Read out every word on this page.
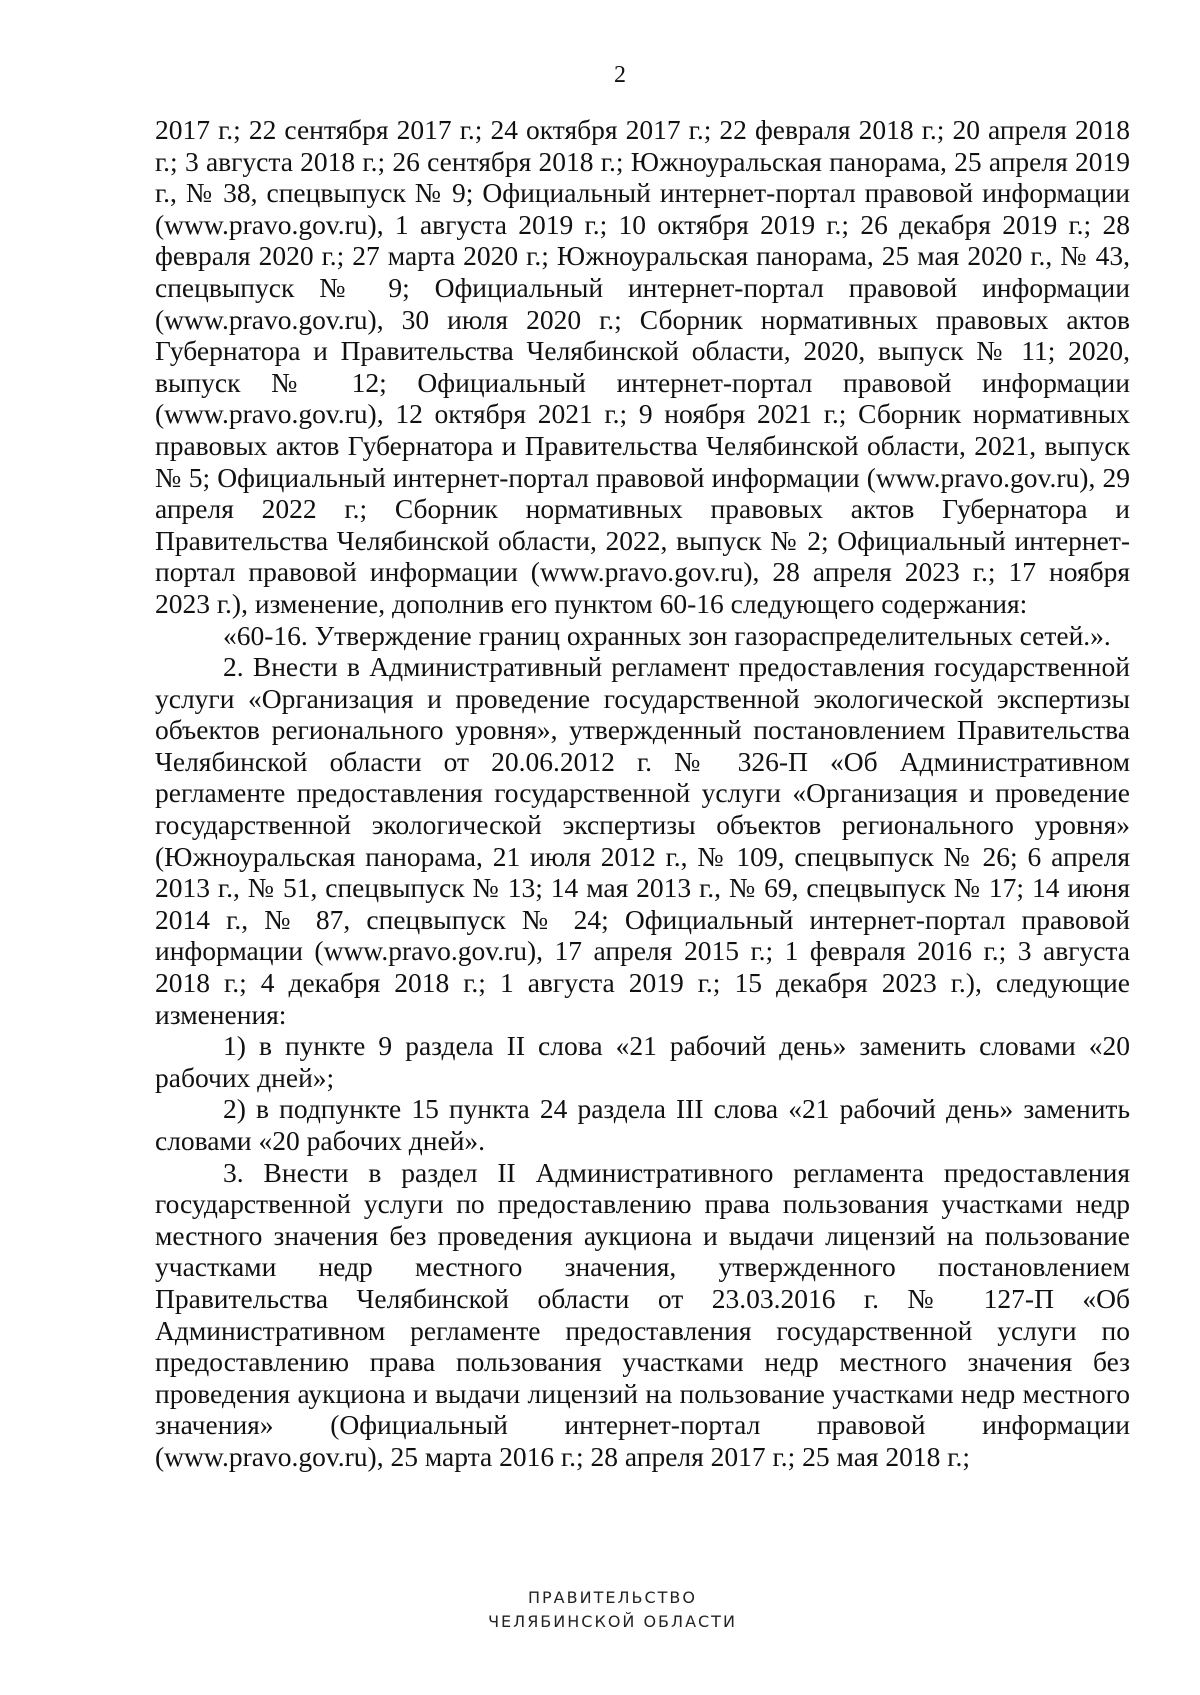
2

2017 г.; 22 сентября 2017 г.; 24 октября 2017 г.; 22 февраля 2018 г.; 20 апреля 2018 г.; 3 августа 2018 г.; 26 сентября 2018 г.; Южноуральская панорама, 25 апреля 2019 г., № 38, спецвыпуск № 9; Официальный интернет-портал правовой информации (www.pravo.gov.ru), 1 августа 2019 г.; 10 октября 2019 г.; 26 декабря 2019 г.; 28 февраля 2020 г.; 27 марта 2020 г.; Южноуральская панорама, 25 мая 2020 г., № 43, спецвыпуск № 9; Официальный интернет-портал правовой информации (www.pravo.gov.ru), 30 июля 2020 г.; Сборник нормативных правовых актов Губернатора и Правительства Челябинской области, 2020, выпуск № 11; 2020, выпуск № 12; Официальный интернет-портал правовой информации (www.pravo.gov.ru), 12 октября 2021 г.; 9 ноября 2021 г.; Сборник нормативных правовых актов Губернатора и Правительства Челябинской области, 2021, выпуск № 5; Официальный интернет-портал правовой информации (www.pravo.gov.ru), 29 апреля 2022 г.; Сборник нормативных правовых актов Губернатора и Правительства Челябинской области, 2022, выпуск № 2; Официальный интернет-портал правовой информации (www.pravo.gov.ru), 28 апреля 2023 г.; 17 ноября 2023 г.), изменение, дополнив его пунктом 60-16 следующего содержания:

«60-16. Утверждение границ охранных зон газораспределительных сетей.».

2. Внести в Административный регламент предоставления государственной услуги «Организация и проведение государственной экологической экспертизы объектов регионального уровня», утвержденный постановлением Правительства Челябинской области от 20.06.2012 г. № 326-П «Об Административном регламенте предоставления государственной услуги «Организация и проведение государственной экологической экспертизы объектов регионального уровня» (Южноуральская панорама, 21 июля 2012 г., № 109, спецвыпуск № 26; 6 апреля 2013 г., № 51, спецвыпуск № 13; 14 мая 2013 г., № 69, спецвыпуск № 17; 14 июня 2014 г., № 87, спецвыпуск № 24; Официальный интернет-портал правовой информации (www.pravo.gov.ru), 17 апреля 2015 г.; 1 февраля 2016 г.; 3 августа 2018 г.; 4 декабря 2018 г.; 1 августа 2019 г.; 15 декабря 2023 г.), следующие изменения:

1) в пункте 9 раздела II слова «21 рабочий день» заменить словами «20 рабочих дней»;

2) в подпункте 15 пункта 24 раздела III слова «21 рабочий день» заменить словами «20 рабочих дней».

3. Внести в раздел II Административного регламента предоставления государственной услуги по предоставлению права пользования участками недр местного значения без проведения аукциона и выдачи лицензий на пользование участками недр местного значения, утвержденного постановлением Правительства Челябинской области от 23.03.2016 г. № 127-П «Об Административном регламенте предоставления государственной услуги по предоставлению права пользования участками недр местного значения без проведения аукциона и выдачи лицензий на пользование участками недр местного значения» (Официальный интернет-портал правовой информации (www.pravo.gov.ru), 25 марта 2016 г.; 28 апреля 2017 г.; 25 мая 2018 г.;

ПРАВИТЕЛЬСТВО
ЧЕЛЯБИНСКОЙ ОБЛАСТИ
